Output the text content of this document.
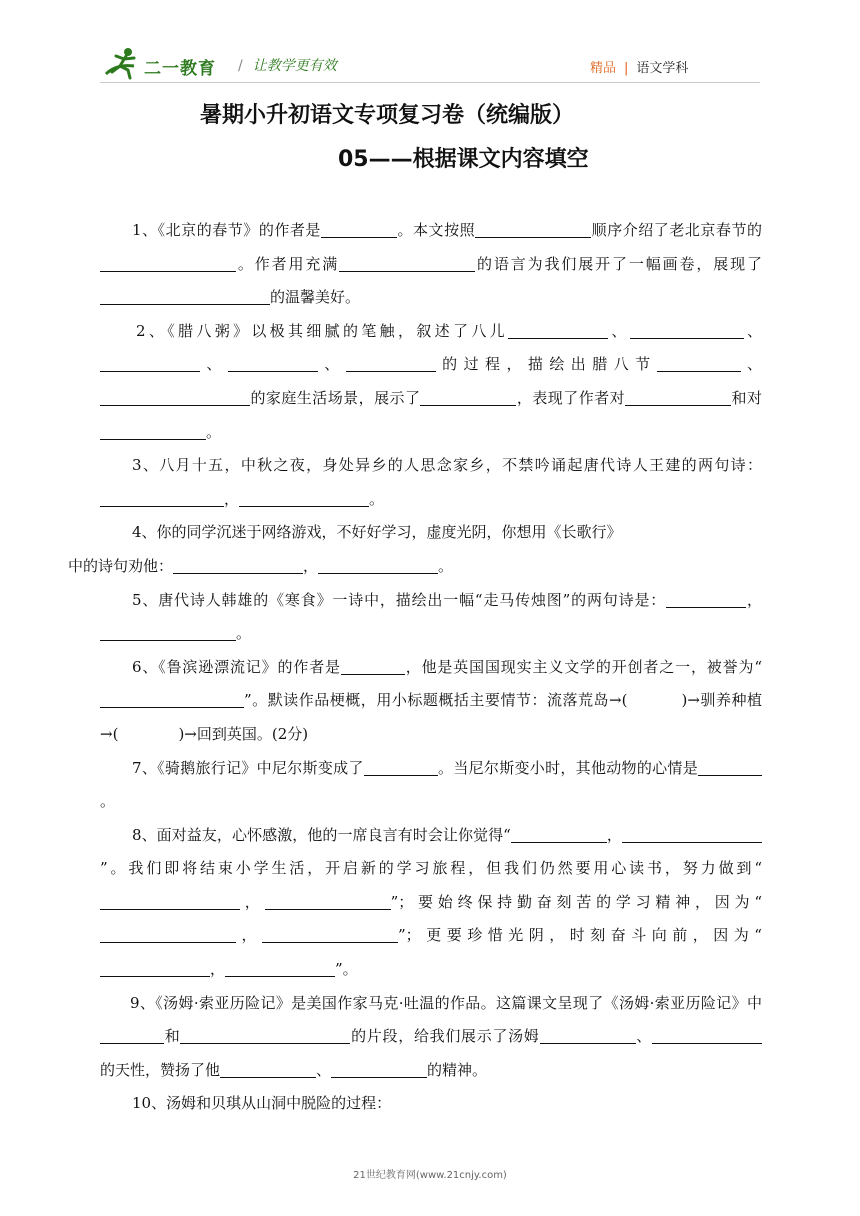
二一教育 / 让教学更有效	精品 | 语文学科
暑期小升初语文专项复习卷（统编版）
05——根据课文内容填空

1、《北京的春节》的作者是	。本文按照	顺序介绍了老北京春节的。作者用充满	的语言为我们展开了一幅画卷，展现了的温馨美好。

2、《腊八粥》以极其细腻的笔触，叙述了八儿	、	、、	、	的过程，描绘出腊八节	、的家庭生活场景，展示了	，表现了作者对	和对。

3、八月十五，中秋之夜，身处异乡的人思念家乡，不禁吟诵起唐代诗人王建的两句诗：，	。

4、你的同学沉迷于网络游戏，不好好学习，虚度光阴，你想用《长歌行》
中的诗句劝他：	，	。

5、唐代诗人韩雄的《寒食》一诗中，描绘出一幅“走马传烛图”的两句诗是：	，。

6、《鲁滨逊漂流记》的作者是	，他是英国国现实主义文学的开创者之一，被誉为“”。默读作品梗概，用小标题概括主要情节：流落荒岛→(	)→驯养种植→(	)→回到英国。(2分)

7、《骑鹅旅行记》中尼尔斯变成了	。当尼尔斯变小时，其他动物的心情是。

8、面对益友，心怀感激，他的一席良言有时会让你觉得“	，”。我们即将结束小学生活，开启新的学习旅程，但我们仍然要用心读书，努力做到“，	”；要始终保持勤奋刻苦的学习精神，因为“，	”；更要珍惜光阴，时刻奋斗向前，因为“，	”。

9、《汤姆·索亚历险记》是美国作家马克·吐温的作品。这篇课文呈现了《汤姆·索亚历险记》中和	的片段，给我们展示了汤姆	、的天性，赞扬了他	、	的精神。

10、汤姆和贝琪从山洞中脱险的过程：

21世纪教育网(www.21cnjy.com)
